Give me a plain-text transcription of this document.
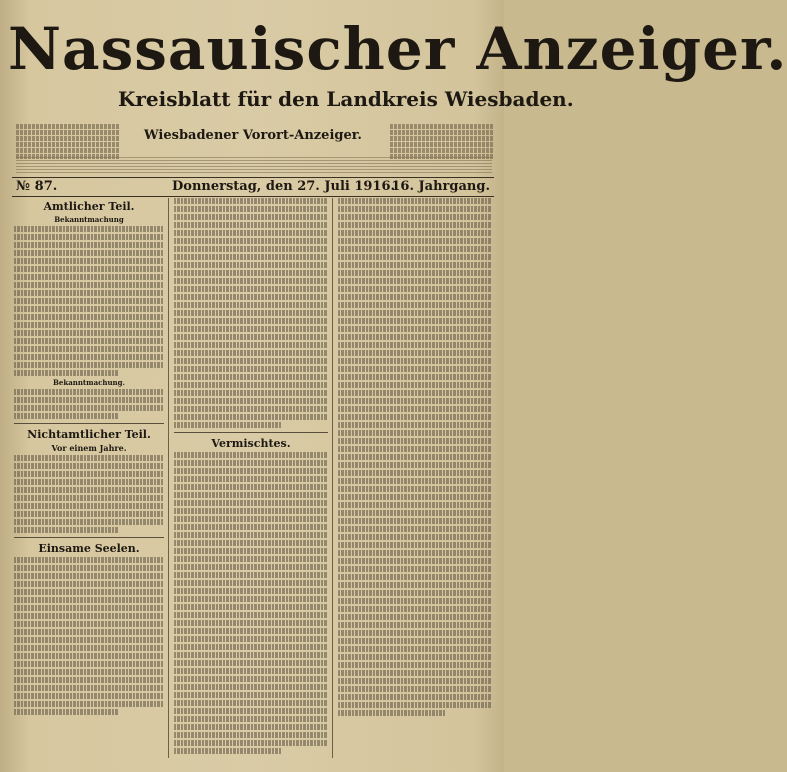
Nassauischer Anzeiger.
Kreisblatt für den Landkreis Wiesbaden.
Wiesbadener Vorort-Anzeiger.
№ 87.	Donnerstag, den 27. Juli 1916.
16. Jahrgang.
Amtlicher Teil.
Bekanntmachung
Bekanntmachung.
Nichtamtlicher Teil.
Vor einem Jahre.
Einsame Seelen.
Vermischtes.
